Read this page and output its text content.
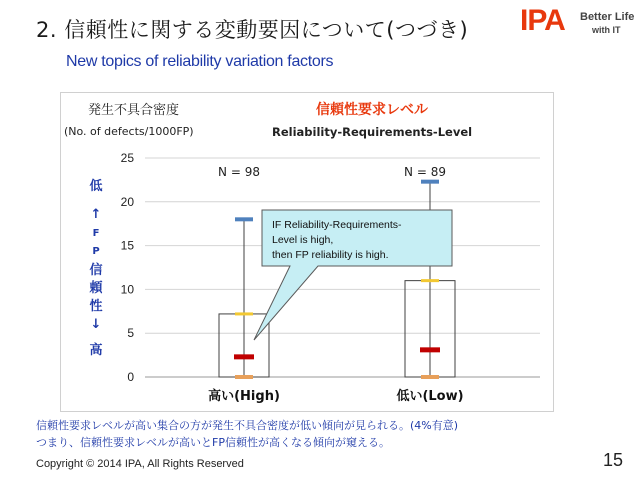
2. 信頼性に関する変動要因について(つづき)
New topics of reliability variation factors
IPA Better Life
with IT
発生不具合密度
(No. of defects/1000FP)
信頼性要求レベル
Reliability-Requirements-Level
0
5
10
15
20
25
低
↑
F
P
信
頼
性
↓
高
高い(High)	低い(Low)
N = 98	N = 89
IF Reliability-Requirements-
Level is high,
then FP reliability is high.
信頼性要求レベルが高い集合の方が発生不具合密度が低い傾向が見られる。(4%有意)
つまり、信頼性要求レベルが高いとFP信頼性が高くなる傾向が窺える。
Copyright © 2014 IPA, All Rights Reserved	15
